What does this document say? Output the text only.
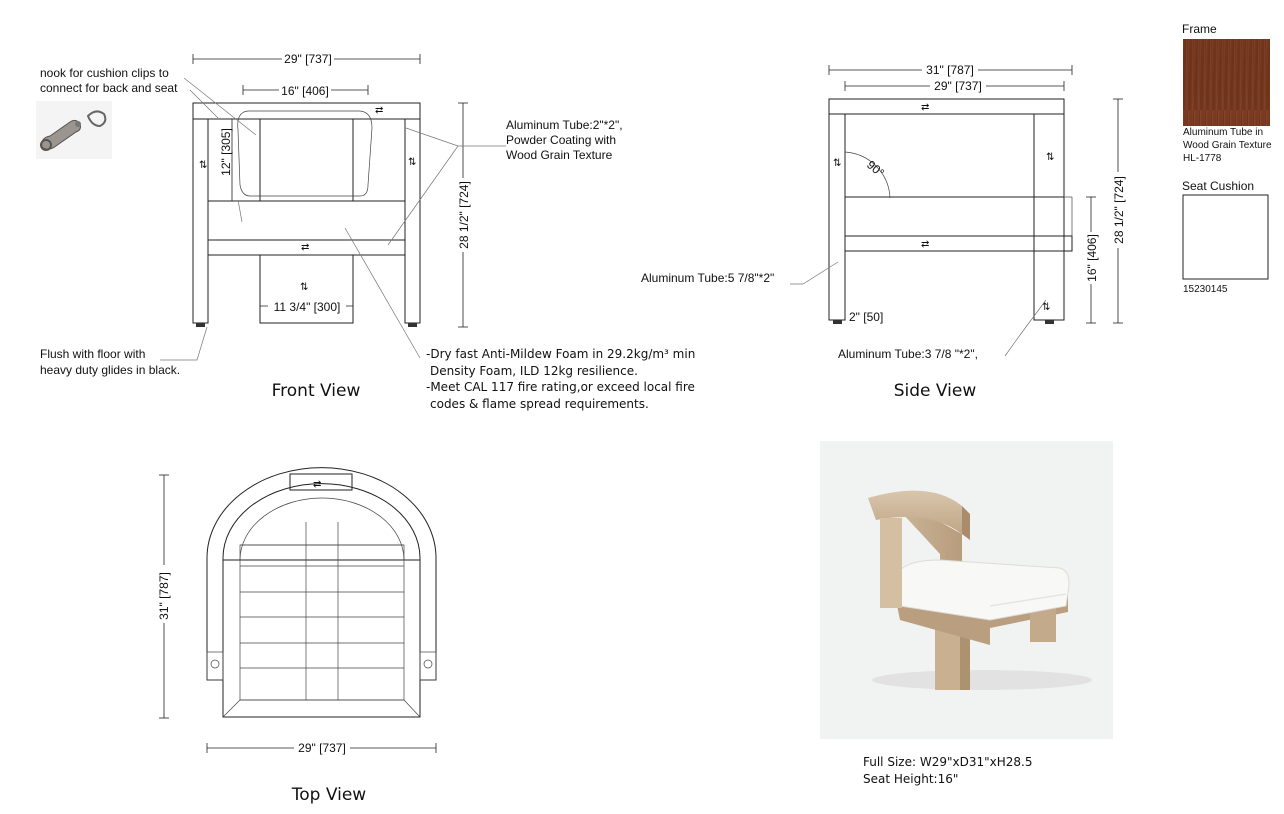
29" [737]
16" [406]
⇅	⇅
⇄
⇅
⇄
12" [305]
28 1/2" [724]
11 3/4" [300]
Front View
nook for cushion clips to
connect for back and seat
Aluminum Tube:2"*2",
Powder Coating with
Wood Grain Texture
Flush with floor with
heavy duty glides in black.
-Dry fast Anti-Mildew Foam in 29.2kg/m³ min
Density Foam, ILD 12kg resilience.
-Meet CAL 117 fire rating,or exceed local fire
codes & flame spread requirements.
31" [787]
29" [737]
90°
⇅
⇅
⇄
⇄
⇅
28 1/2" [724]
16" [406]
2" [50]
Aluminum Tube:5 7/8"*2"
Aluminum Tube:3 7/8 "*2",
Side View
31" [787]
⇄
29" [737]
Top View
Full Size: W29"xD31"xH28.5
Seat Height:16"
Frame
Aluminum Tube in
Wood Grain Texture
HL-1778
Seat Cushion
15230145
